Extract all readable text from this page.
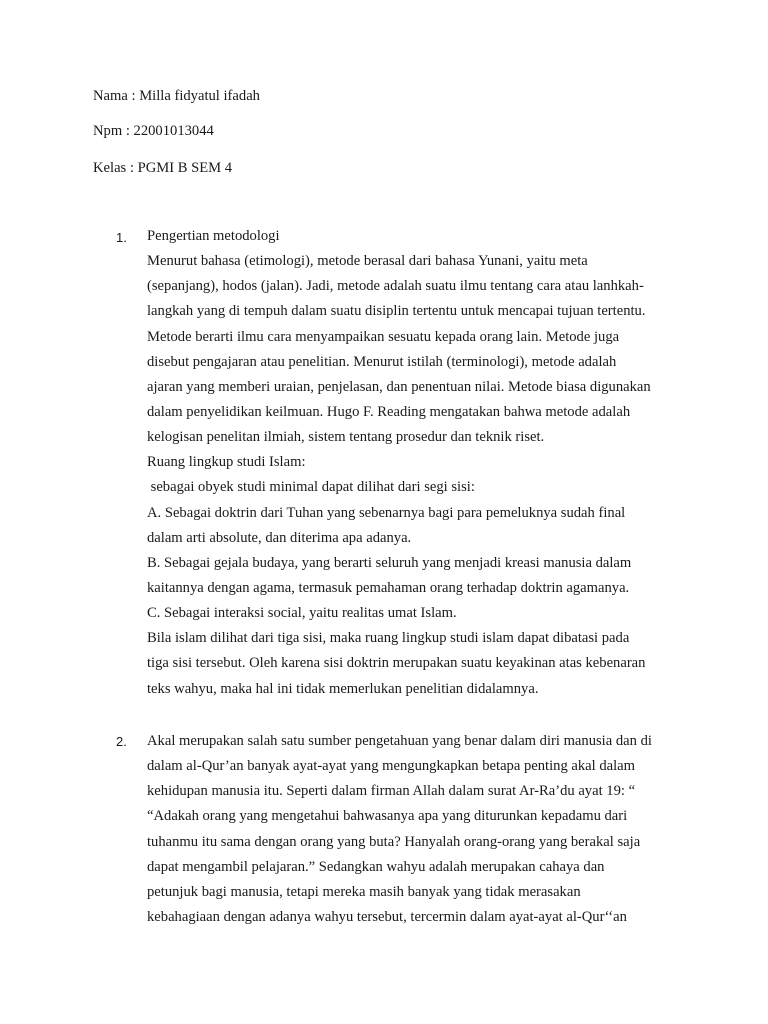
Nama : Milla fidyatul ifadah
Npm : 22001013044
Kelas : PGMI B SEM 4
1. Pengertian metodologi
Menurut bahasa (etimologi), metode berasal dari bahasa Yunani, yaitu meta
(sepanjang), hodos (jalan). Jadi, metode adalah suatu ilmu tentang cara atau lanhkah-
langkah yang di tempuh dalam suatu disiplin tertentu untuk mencapai tujuan tertentu.
Metode berarti ilmu cara menyampaikan sesuatu kepada orang lain. Metode juga
disebut pengajaran atau penelitian. Menurut istilah (terminologi), metode adalah
ajaran yang memberi uraian, penjelasan, dan penentuan nilai. Metode biasa digunakan
dalam penyelidikan keilmuan. Hugo F. Reading mengatakan bahwa metode adalah
kelogisan penelitan ilmiah, sistem tentang prosedur dan teknik riset.
Ruang lingkup studi Islam:
sebagai obyek studi minimal dapat dilihat dari segi sisi:
A. Sebagai doktrin dari Tuhan yang sebenarnya bagi para pemeluknya sudah final
dalam arti absolute, dan diterima apa adanya.
B. Sebagai gejala budaya, yang berarti seluruh yang menjadi kreasi manusia dalam
kaitannya dengan agama, termasuk pemahaman orang terhadap doktrin agamanya.
C. Sebagai interaksi social, yaitu realitas umat Islam.
Bila islam dilihat dari tiga sisi, maka ruang lingkup studi islam dapat dibatasi pada
tiga sisi tersebut. Oleh karena sisi doktrin merupakan suatu keyakinan atas kebenaran
teks wahyu, maka hal ini tidak memerlukan penelitian didalamnya.
2. Akal merupakan salah satu sumber pengetahuan yang benar dalam diri manusia dan di
dalam al-Qur’an banyak ayat-ayat yang mengungkapkan betapa penting akal dalam
kehidupan manusia itu. Seperti dalam firman Allah dalam surat Ar-Ra’du ayat 19: “
“Adakah orang yang mengetahui bahwasanya apa yang diturunkan kepadamu dari
tuhanmu itu sama dengan orang yang buta? Hanyalah orang-orang yang berakal saja
dapat mengambil pelajaran.” Sedangkan wahyu adalah merupakan cahaya dan
petunjuk bagi manusia, tetapi mereka masih banyak yang tidak merasakan
kebahagiaan dengan adanya wahyu tersebut, tercermin dalam ayat-ayat al-Qur‘‘an
